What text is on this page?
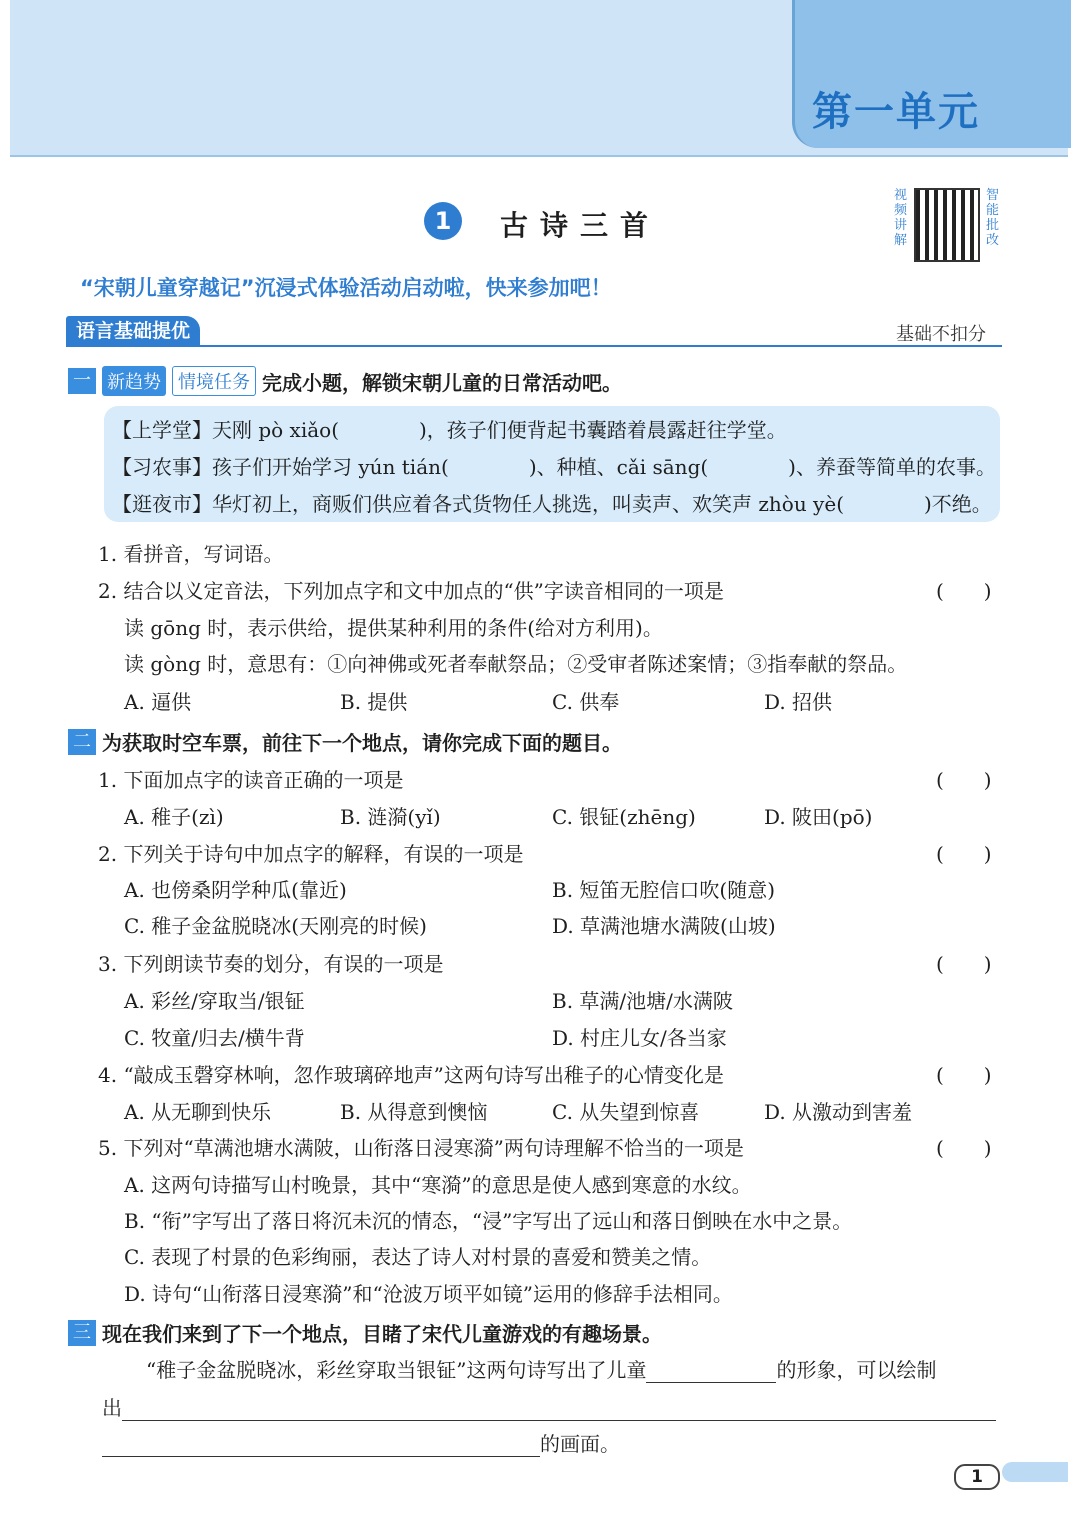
第一单元
1	古诗三首
视频讲解
智能批改
“宋朝儿童穿越记”沉浸式体验活动启动啦，快来参加吧！
语言基础提优	基础不扣分
一 新趋势 情境任务 完成小题，解锁宋朝儿童的日常活动吧。
【上学堂】天刚 pò xiǎo(　　　　)，孩子们便背起书囊踏着晨露赶往学堂。
【习农事】孩子们开始学习 yún tián(　　　　)、种植、cǎi sāng(　　　　)、养蚕等简单的农事。
【逛夜市】华灯初上，商贩们供应着各式货物任人挑选，叫卖声、欢笑声 zhòu yè(　　　　)不绝。
1. 看拼音，写词语。
2. 结合以义定音法，下列加点字和文中加点的“供”字读音相同的一项是	(　　)
读 gōng 时，表示供给，提供某种利用的条件(给对方利用)。
读 gòng 时，意思有：①向神佛或死者奉献祭品；②受审者陈述案情；③指奉献的祭品。
A. 逼供	B. 提供	C. 供奉	D. 招供
二 为获取时空车票，前往下一个地点，请你完成下面的题目。
1. 下面加点字的读音正确的一项是	(　　)
A. 稚子(zì)	B. 涟漪(yǐ)	C. 银钲(zhēng)	D. 陂田(pō)
2. 下列关于诗句中加点字的解释，有误的一项是	(　　)
A. 也傍桑阴学种瓜(靠近)	B. 短笛无腔信口吹(随意)
C. 稚子金盆脱晓冰(天刚亮的时候)	D. 草满池塘水满陂(山坡)
3. 下列朗读节奏的划分，有误的一项是	(　　)
A. 彩丝/穿取当/银钲	B. 草满/池塘/水满陂
C. 牧童/归去/横牛背	D. 村庄儿女/各当家
4. “敲成玉磬穿林响，忽作玻璃碎地声”这两句诗写出稚子的心情变化是	(　　)
A. 从无聊到快乐	B. 从得意到懊恼	C. 从失望到惊喜	D. 从激动到害羞
5. 下列对“草满池塘水满陂，山衔落日浸寒漪”两句诗理解不恰当的一项是	(　　)
A. 这两句诗描写山村晚景，其中“寒漪”的意思是使人感到寒意的水纹。
B. “衔”字写出了落日将沉未沉的情态，“浸”字写出了远山和落日倒映在水中之景。
C. 表现了村景的色彩绚丽，表达了诗人对村景的喜爱和赞美之情。
D. 诗句“山衔落日浸寒漪”和“沧波万顷平如镜”运用的修辞手法相同。
三 现在我们来到了下一个地点，目睹了宋代儿童游戏的有趣场景。
“稚子金盆脱晓冰，彩丝穿取当银钲”这两句诗写出了儿童	的形象，可以绘制
出
的画面。
1
